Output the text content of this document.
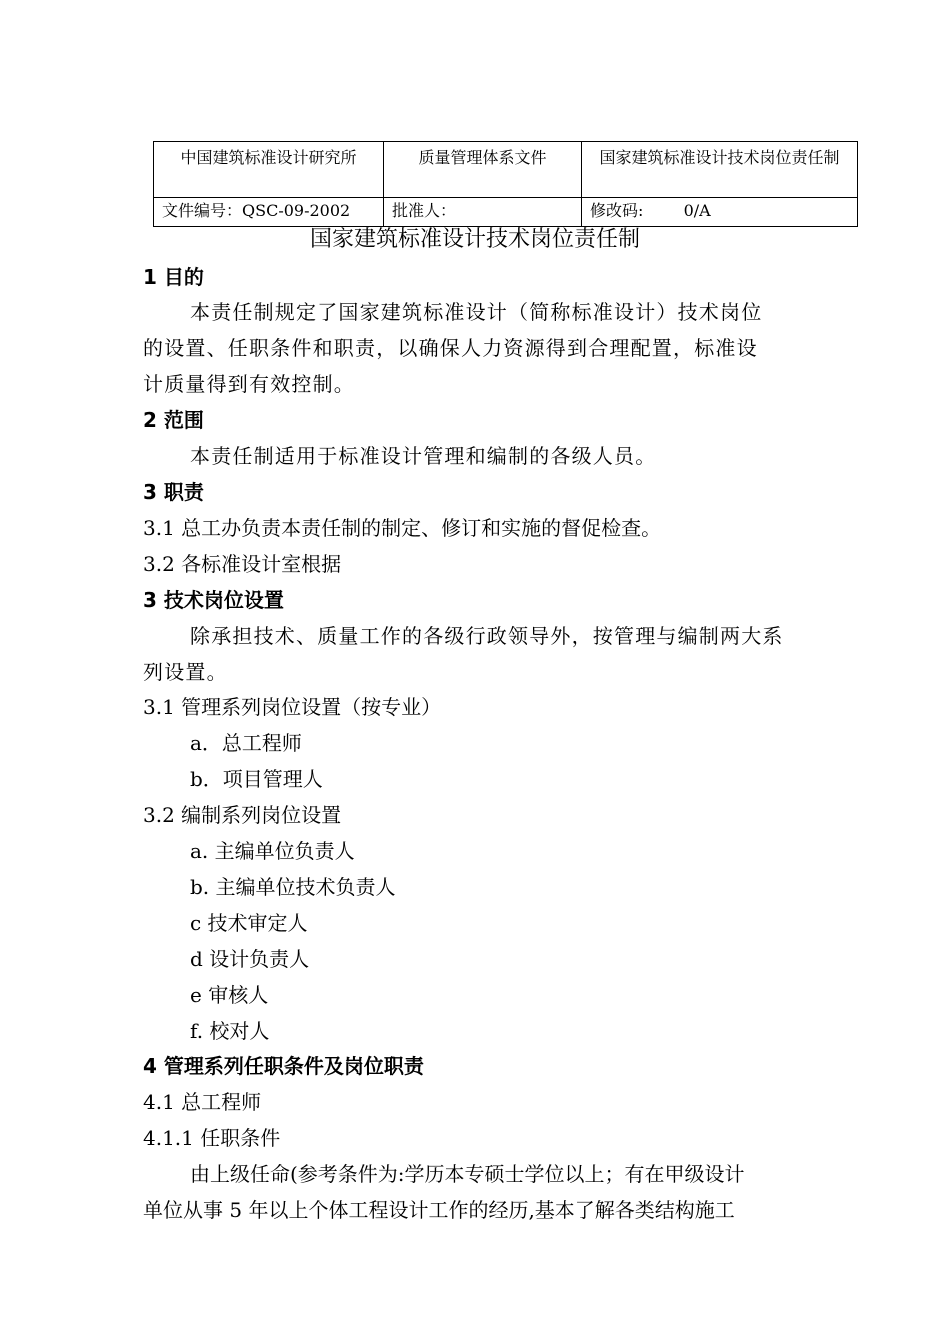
中国建筑标准设计研究所	质量管理体系文件	国家建筑标准设计技术岗位责任制
文件编号：QSC-09-2002	批准人：	修改码: 0/A
国家建筑标准设计技术岗位责任制
1 目的
本责任制规定了国家建筑标准设计（简称标准设计）技术岗位
的设置、任职条件和职责，以确保人力资源得到合理配置，标准设
计质量得到有效控制。
2 范围
本责任制适用于标准设计管理和编制的各级人员。
3 职责
3.1 总工办负责本责任制的制定、修订和实施的督促检查。
3.2 各标准设计室根据
3 技术岗位设置
除承担技术、质量工作的各级行政领导外，按管理与编制两大系
列设置。
3.1 管理系列岗位设置（按专业）
a．总工程师
b．项目管理人
3.2 编制系列岗位设置
a. 主编单位负责人
b. 主编单位技术负责人
c 技术审定人
d 设计负责人
e 审核人
f. 校对人
4 管理系列任职条件及岗位职责
4.1 总工程师
4.1.1 任职条件
由上级任命(参考条件为:学历本专硕士学位以上；有在甲级设计
单位从事 5 年以上个体工程设计工作的经历,基本了解各类结构施工
